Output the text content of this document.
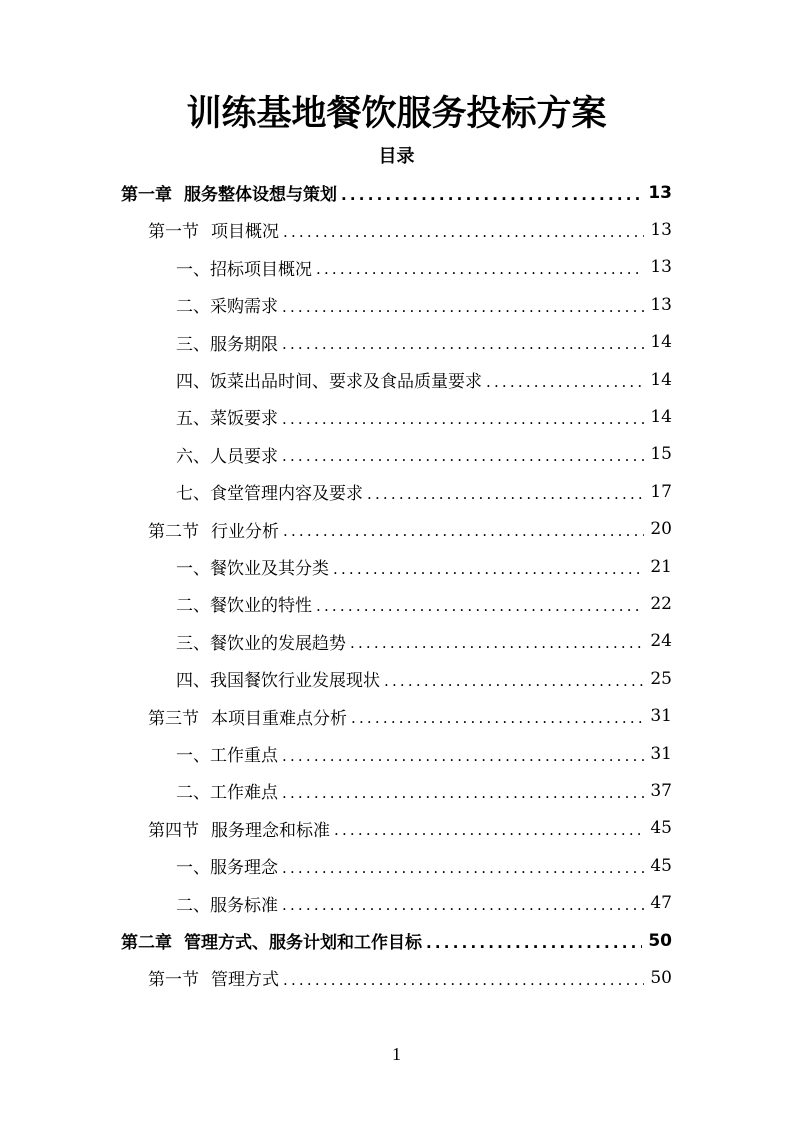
训练基地餐饮服务投标方案
目录
第一章 服务整体设想与策划 .....	13
第一节 项目概况 .....	13
一、招标项目概况 .....	13
二、采购需求 .....	13
三、服务期限 .....	14
四、饭菜出品时间、要求及食品质量要求 .....	14
五、菜饭要求 .....	14
六、人员要求 .....	15
七、食堂管理内容及要求 .....	17
第二节 行业分析 .....	20
一、餐饮业及其分类 .....	21
二、餐饮业的特性 .....	22
三、餐饮业的发展趋势 .....	24
四、我国餐饮行业发展现状 .....	25
第三节 本项目重难点分析 .....	31
一、工作重点 .....	31
二、工作难点 .....	37
第四节 服务理念和标准 .....	45
一、服务理念 .....	45
二、服务标准 .....	47
第二章 管理方式、服务计划和工作目标 .....	50
第一节 管理方式 .....	50
1
